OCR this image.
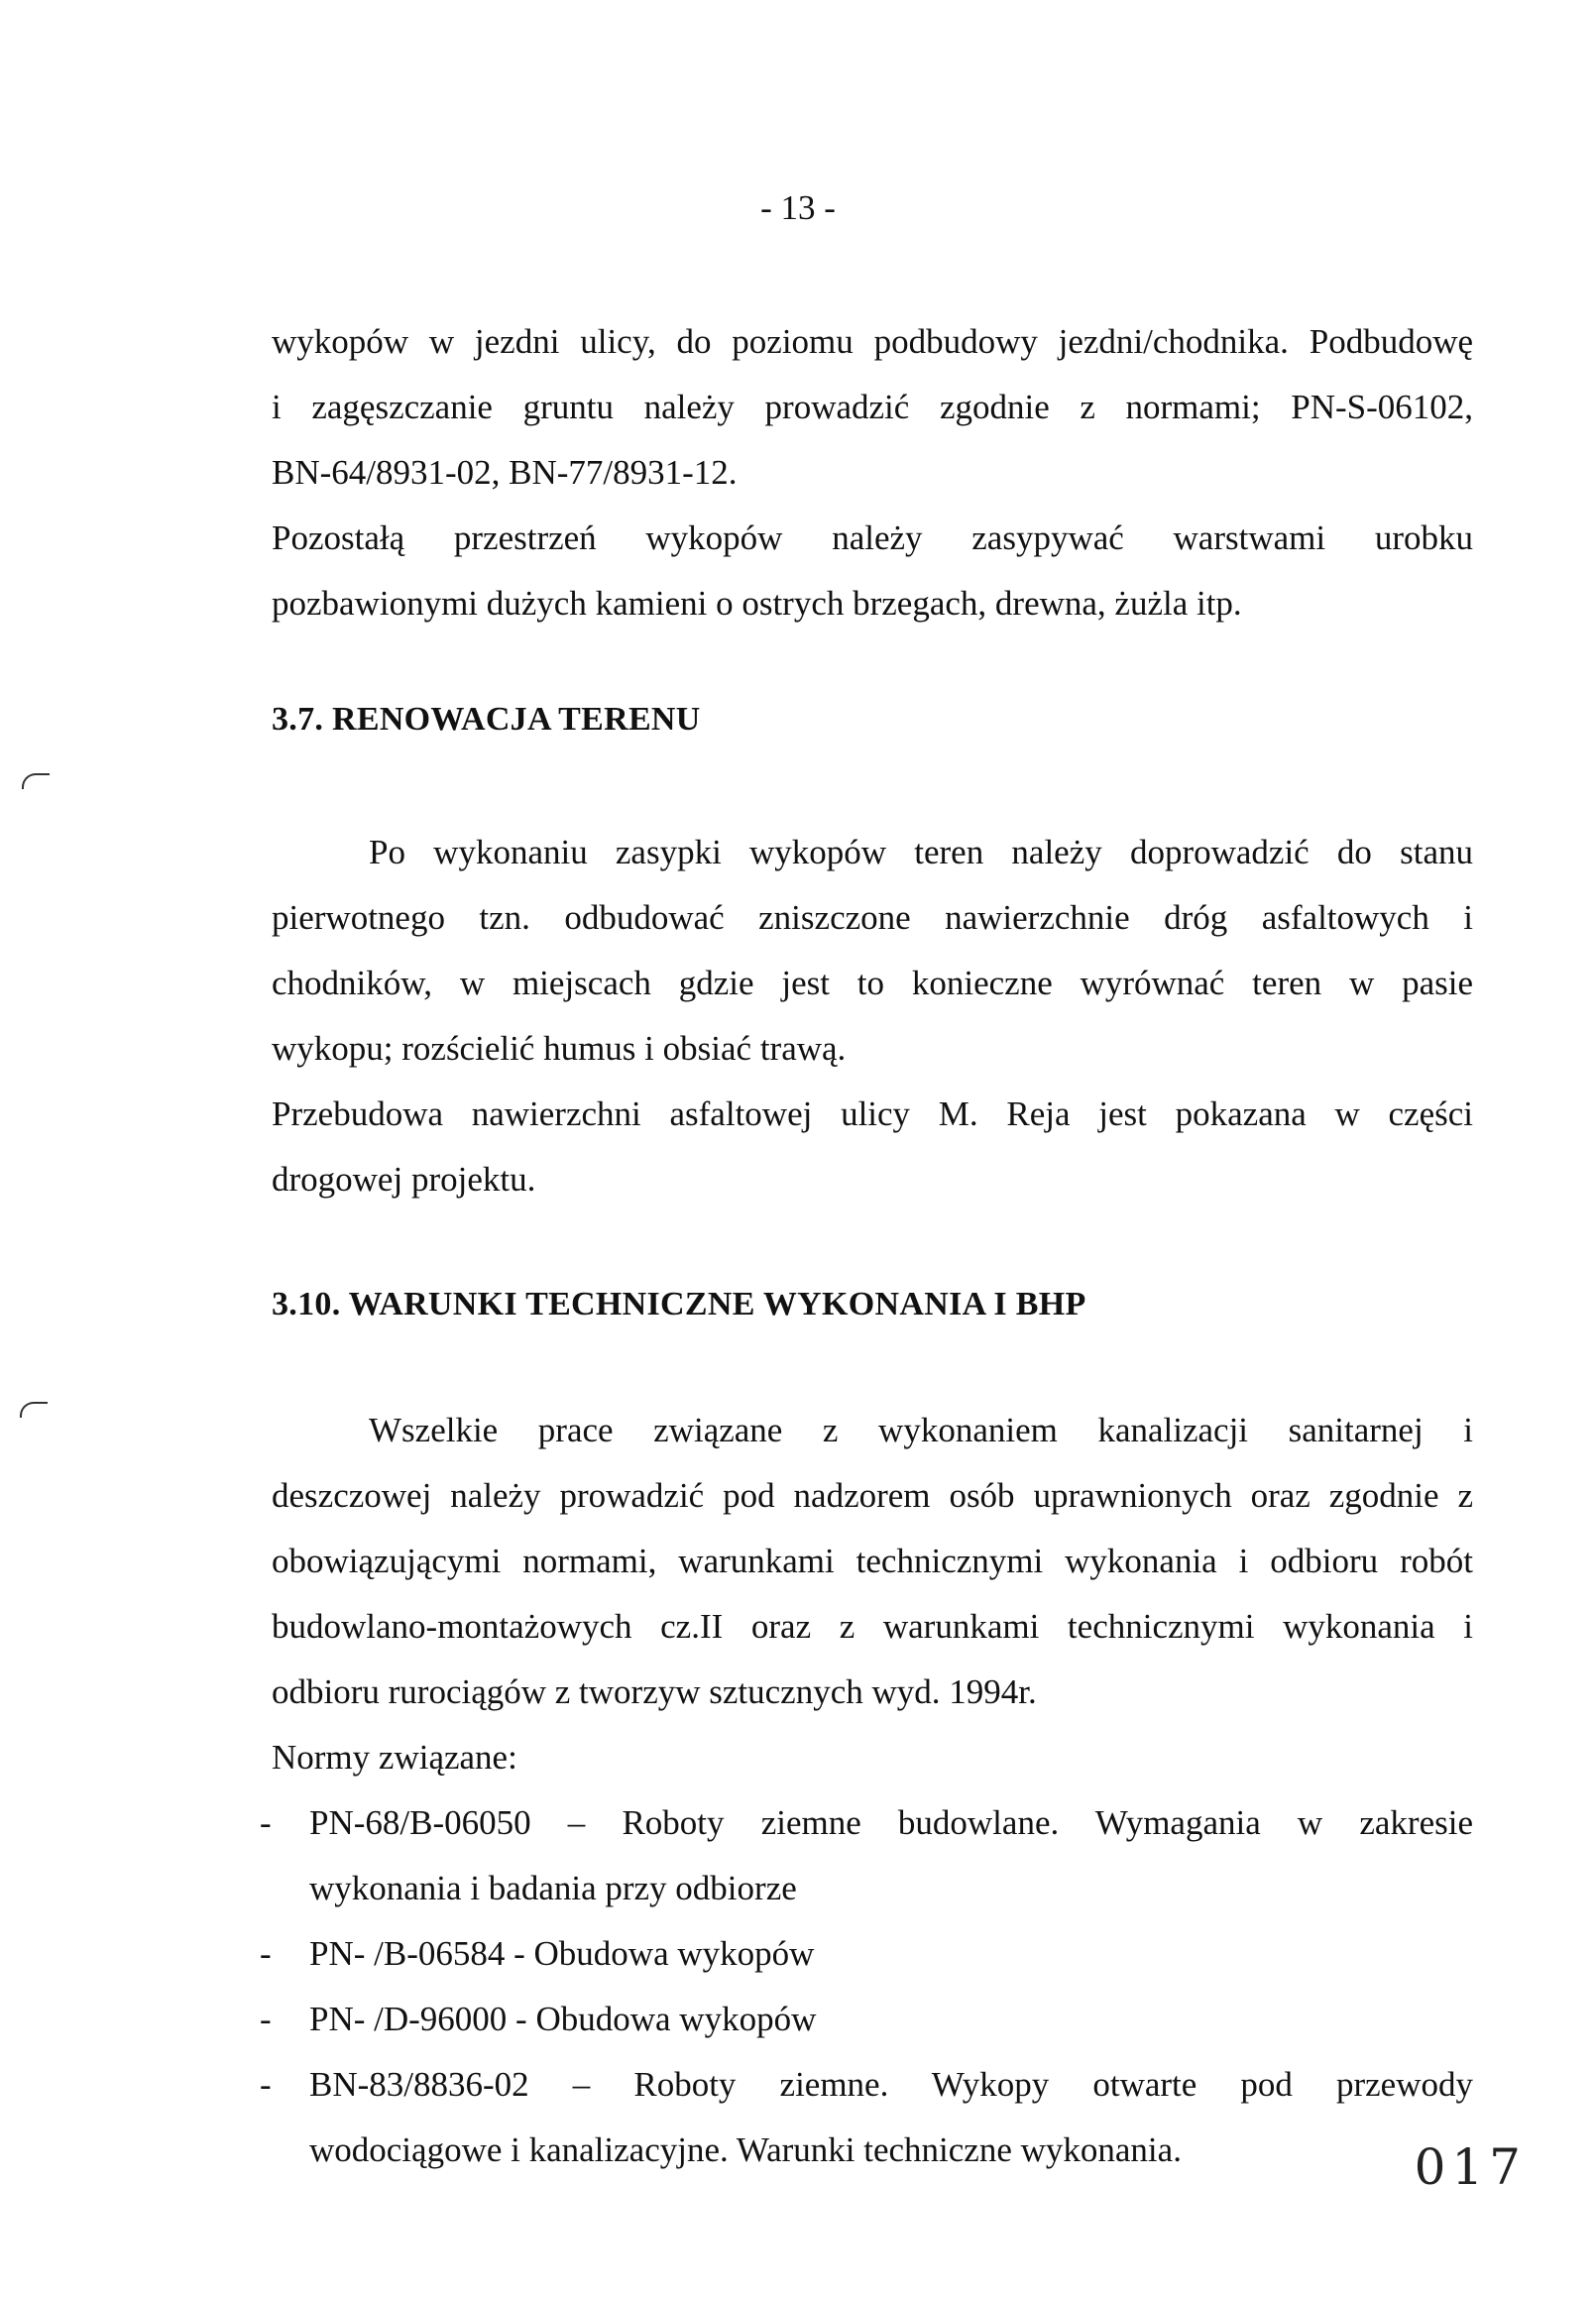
- 13 -
wykopów w jezdni ulicy, do poziomu podbudowy jezdni/chodnika. Podbudowę
i zagęszczanie gruntu należy prowadzić zgodnie z normami; PN-S-06102,
BN-64/8931-02, BN-77/8931-12.
Pozostałą przestrzeń wykopów należy zasypywać warstwami urobku
pozbawionymi dużych kamieni o ostrych brzegach, drewna, żużla itp.
3.7. RENOWACJA TERENU
Po wykonaniu zasypki wykopów teren należy doprowadzić do stanu
pierwotnego tzn. odbudować zniszczone nawierzchnie dróg asfaltowych i
chodników, w miejscach gdzie jest to konieczne wyrównać teren w pasie
wykopu; rozścielić humus i obsiać trawą.
Przebudowa nawierzchni asfaltowej ulicy M. Reja jest pokazana w części
drogowej projektu.
3.10. WARUNKI TECHNICZNE WYKONANIA I BHP
Wszelkie prace związane z wykonaniem kanalizacji sanitarnej i
deszczowej należy prowadzić pod nadzorem osób uprawnionych oraz zgodnie z
obowiązującymi normami, warunkami technicznymi wykonania i odbioru robót
budowlano-montażowych cz.II oraz z warunkami technicznymi wykonania i
odbioru rurociągów z tworzyw sztucznych wyd. 1994r.
Normy związane:
- PN-68/B-06050 – Roboty ziemne budowlane. Wymagania w zakresie
wykonania i badania przy odbiorze
- PN- /B-06584 - Obudowa wykopów
- PN- /D-96000 - Obudowa wykopów
- BN-83/8836-02 – Roboty ziemne. Wykopy otwarte pod przewody
wodociągowe i kanalizacyjne. Warunki techniczne wykonania.	017
